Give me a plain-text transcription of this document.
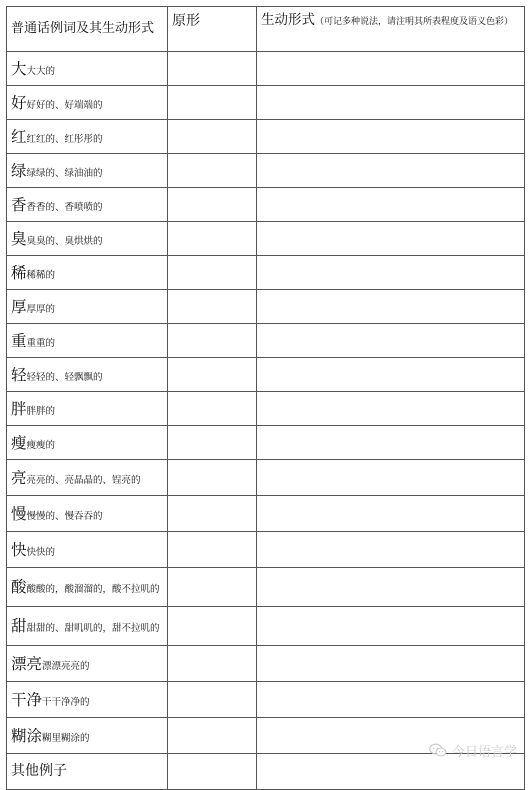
普通话例词及其生动形式	原形	生动形式（可记多种说法，请注明其所表程度及语义色彩）
大大大的		
好好好的、好端端的		
红红红的、红彤彤的		
绿绿绿的、绿油油的		
香香香的、香喷喷的		
臭臭臭的、臭烘烘的		
稀稀稀的		
厚厚厚的		
重重重的		
轻轻轻的、轻飘飘的		
胖胖胖的		
瘦瘦瘦的		
亮亮亮的、亮晶晶的、锃亮的		
慢慢慢的、慢吞吞的		
快快快的		
酸酸酸的，酸溜溜的，酸不拉叽的		
甜甜甜的、甜叽叽的，甜不拉叽的		
漂亮漂漂亮亮的		
干净干干净净的		
糊涂糊里糊涂的		
其他例子		
今日语言学
